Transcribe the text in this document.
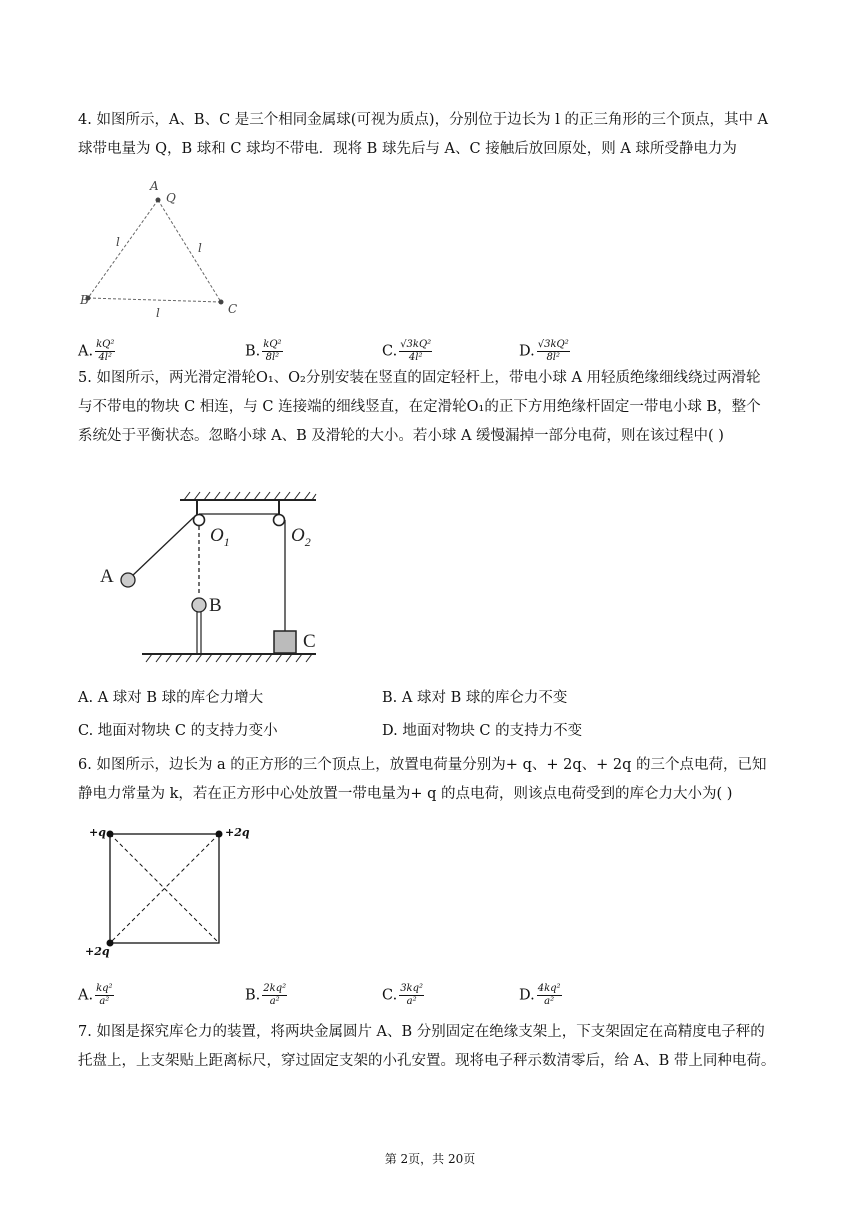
4. 如图所示，A、B、C 是三个相同金属球(可视为质点)，分别位于边长为 l 的正三角形的三个顶点，其中 A
球带电量为 Q，B 球和 C 球均不带电．现将 B 球先后与 A、C 接触后放回原处，则 A 球所受静电力为
A
Q
B
C
l	l
l
A. $\frac{\text{kQ²}}{\text{4l²}}$	B. $\frac{\text{kQ²}}{\text{8l²}}$	C. $\frac{\text{√3kQ²}}{\text{4l²}}$	D. $\frac{\text{√3kQ²}}{\text{8l²}}$
5. 如图所示，两光滑定滑轮O₁、O₂分别安装在竖直的固定轻杆上，带电小球 A 用轻质绝缘细线绕过两滑轮
与不带电的物块 C 相连，与 C 连接端的细线竖直，在定滑轮O₁的正下方用绝缘杆固定一带电小球 B，整个
系统处于平衡状态。忽略小球 A、B 及滑轮的大小。若小球 A 缓慢漏掉一部分电荷，则在该过程中( )
A
B
C
$O_1$	$O_2$
A. A 球对 B 球的库仑力增大	B. A 球对 B 球的库仑力不变
C. 地面对物块 C 的支持力变小	D. 地面对物块 C 的支持力不变
6. 如图所示，边长为 a 的正方形的三个顶点上，放置电荷量分别为+ q、+ 2q、+ 2q 的三个点电荷，已知
静电力常量为 k，若在正方形中心处放置一带电量为+ q 的点电荷，则该点电荷受到的库仑力大小为( )
+q	+2q
+2q
A. $\frac{\text{kq²}}{\text{a²}}$	B. $\frac{\text{2kq²}}{\text{a²}}$	C. $\frac{\text{3kq²}}{\text{a²}}$	D. $\frac{\text{4kq²}}{\text{a²}}$
7. 如图是探究库仑力的装置，将两块金属圆片 A、B 分别固定在绝缘支架上，下支架固定在高精度电子秤的
托盘上，上支架贴上距离标尺，穿过固定支架的小孔安置。现将电子秤示数清零后，给 A、B 带上同种电荷。
第 2页，共 20页
